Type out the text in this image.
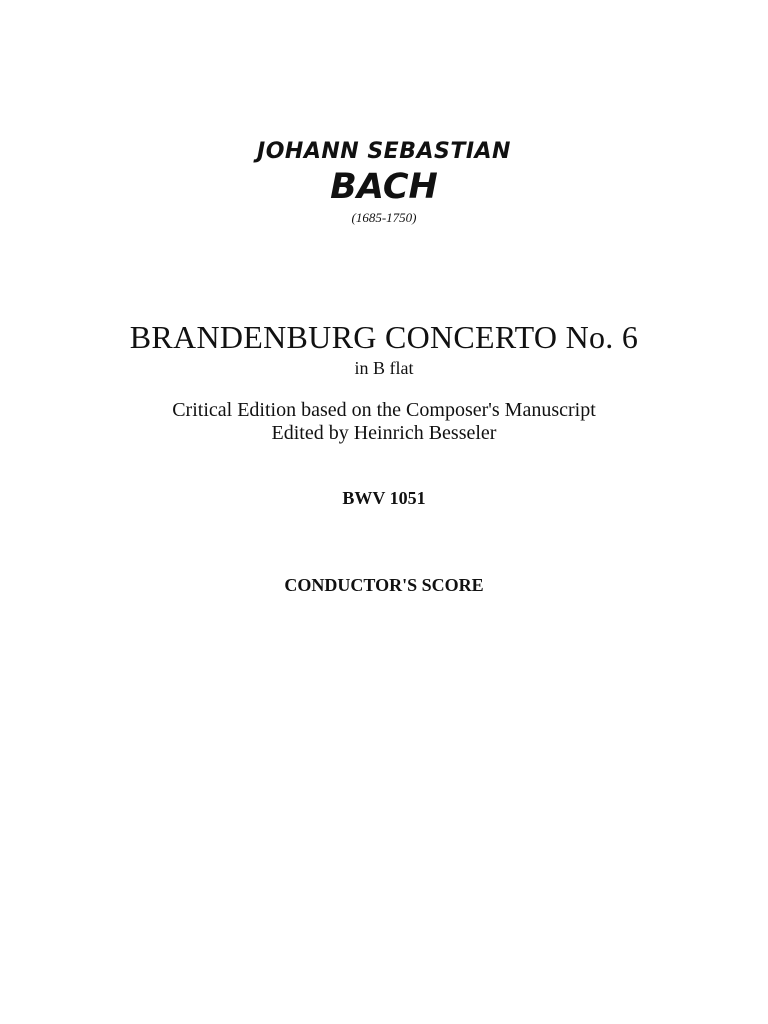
JOHANN SEBASTIAN
BACH
(1685-1750)
BRANDENBURG CONCERTO No. 6
in B flat
Critical Edition based on the Composer's Manuscript
Edited by Heinrich Besseler
BWV 1051
CONDUCTOR'S SCORE
